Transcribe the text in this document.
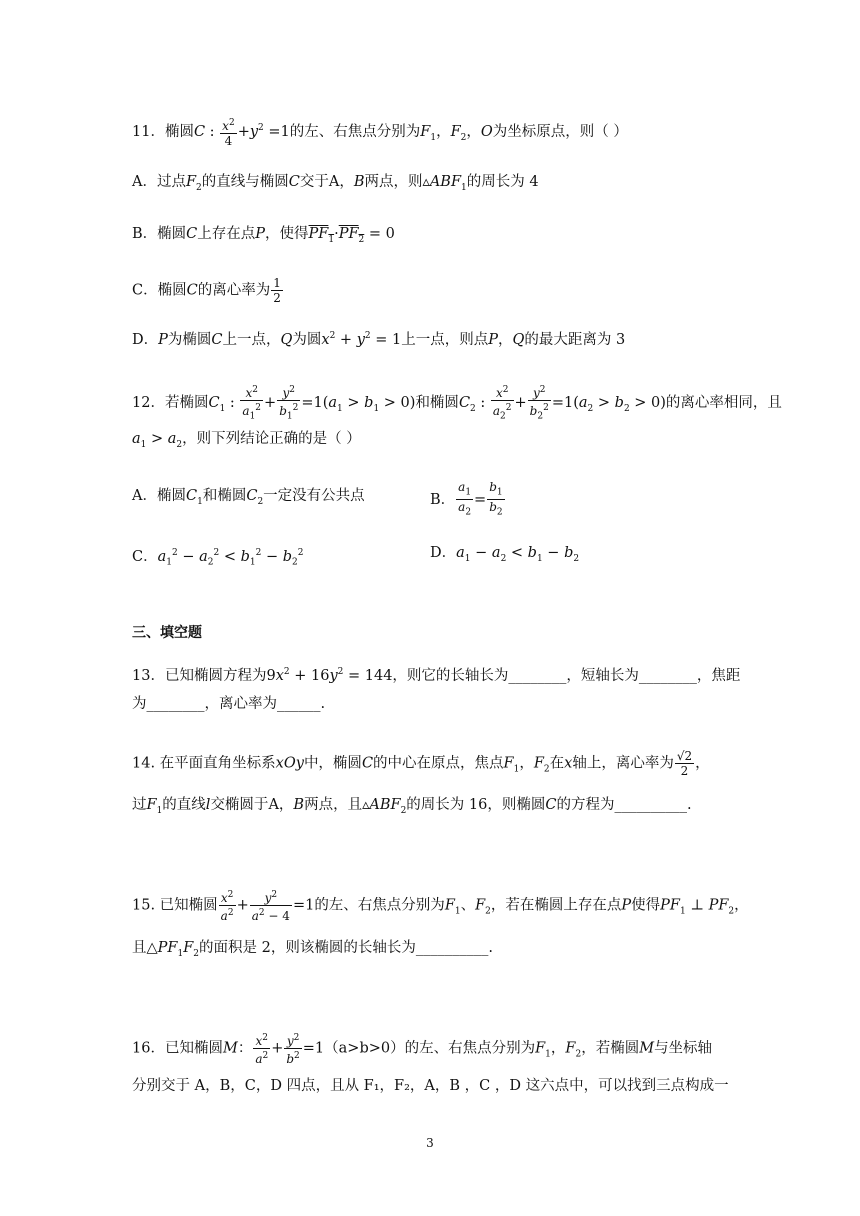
11．椭圆C : $\frac{x^2}{4} +y^2 =1$的左、右焦点分别为$F_1$，$F_2$，O为坐标原点，则（ ）
A．过点$F_2$的直线与椭圆C交于A，B两点，则$▵ABF_1$的周长为 4
B．椭圆C上存在点P，使得$PF_1\cdot PF_2 = 0$
C．椭圆C的离心率为 $\frac{1}{2}$
D．P为椭圆C上一点，Q为圆$x^2 + y^2 = 1$上一点，则点P，Q的最大距离为 3
12．若椭圆$C_1$ : $\frac{x^2}{a_1^2} + \frac{y^2}{b_1^2} =1(a_1 > b_1 > 0)$和椭圆$C_2$ : $\frac{x^2}{a_2^2} + \frac{y^2}{b_2^2} =1(a_2 > b_2 > 0)$的离心率相同，且
$a_1 > a_2$，则下列结论正确的是（ ）
A．椭圆$C_1$和椭圆$C_2$一定没有公共点	B． $\frac{a_1}{a_2} = \frac{b_1}{b_2}$
C．$a_1^2 - a_2^2 < b_1^2 - b_2^2$	D．$a_1 - a_2 < b_1 - b_2$
三、填空题
13．已知椭圆方程为$9x^2 + 16y^2 = 144$，则它的长轴长为________，短轴长为________，焦距
为________，离心率为______.
14. 在平面直角坐标系xOy中，椭圆C的中心在原点，焦点$F_1$，$F_2$在x轴上，离心率为 $\frac{√2}{2}$ ，
过$F_1$的直线l交椭圆于A，B两点，且$▵ABF_2$的周长为 16，则椭圆C的方程为__________.
15. 已知椭圆 $\frac{x^2}{a^2} + \frac{y^2}{a^2 - 4} =1$的左、右焦点分别为$F_1$、$F_2$，若在椭圆上存在点P使得$PF_1$ ⊥ $PF_2$，
且$\triangle PF_1F_2$的面积是 2，则该椭圆的长轴长为__________.
16．已知椭圆M： $\frac{x^2}{a^2} + \frac{y^2}{b^2} =1(a>b>0)$的左、右焦点分别为$F_1$，$F_2$，若椭圆M与坐标轴
分别交于 A，B，C，D 四点，且从 F₁，F₂，A，B ，C ，D 这六点中，可以找到三点构成一
3
